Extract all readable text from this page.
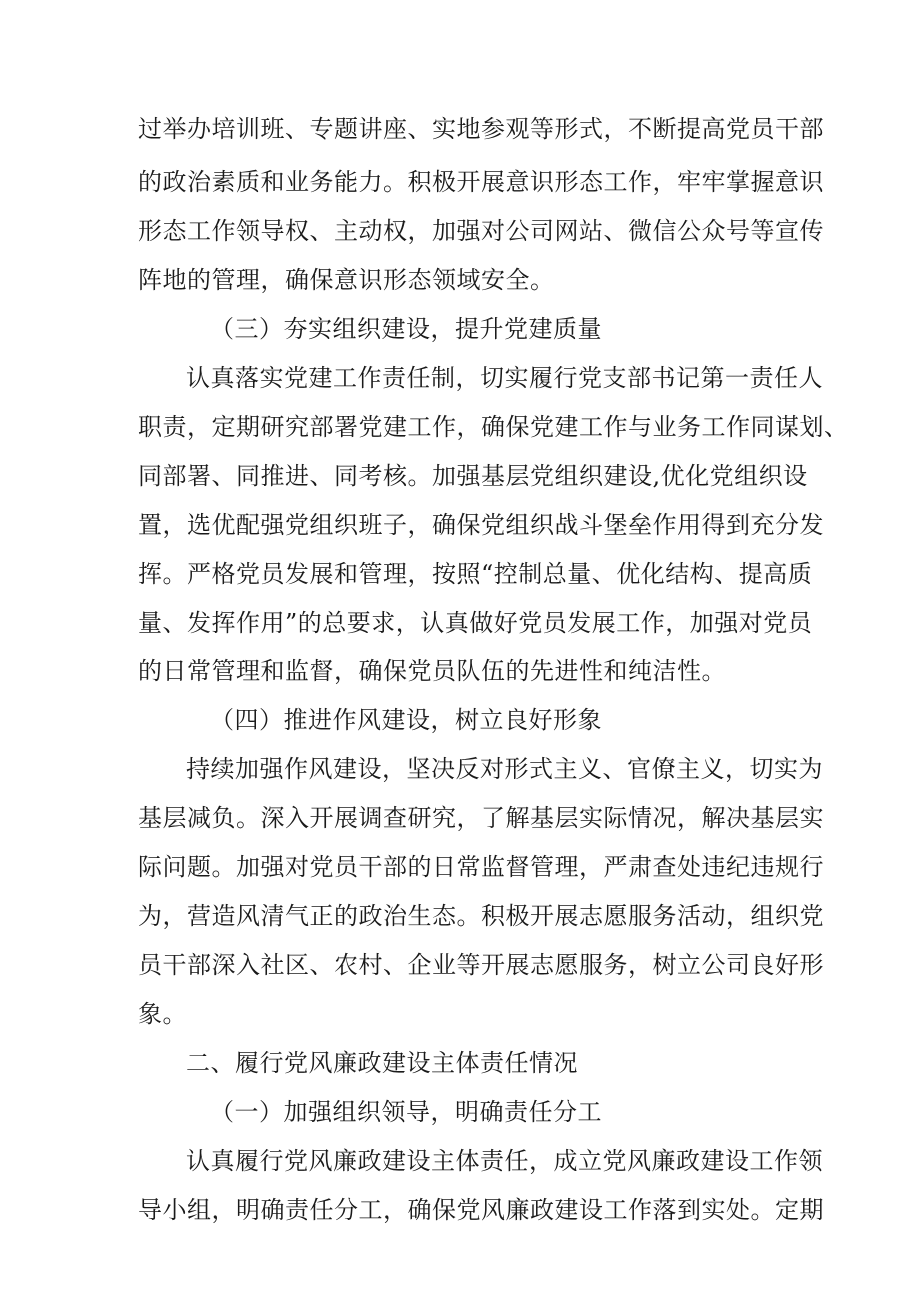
过举办培训班、专题讲座、实地参观等形式，不断提高党员干部
的政治素质和业务能力。积极开展意识形态工作，牢牢掌握意识
形态工作领导权、主动权，加强对公司网站、微信公众号等宣传
阵地的管理，确保意识形态领域安全。
（三）夯实组织建设，提升党建质量
认真落实党建工作责任制，切实履行党支部书记第一责任人
职责，定期研究部署党建工作，确保党建工作与业务工作同谋划、
同部署、同推进、同考核。加强基层党组织建设,优化党组织设
置，选优配强党组织班子，确保党组织战斗堡垒作用得到充分发
挥。严格党员发展和管理，按照“控制总量、优化结构、提高质
量、发挥作用”的总要求，认真做好党员发展工作，加强对党员
的日常管理和监督，确保党员队伍的先进性和纯洁性。
（四）推进作风建设，树立良好形象
持续加强作风建设，坚决反对形式主义、官僚主义，切实为
基层减负。深入开展调查研究，了解基层实际情况，解决基层实
际问题。加强对党员干部的日常监督管理，严肃查处违纪违规行
为，营造风清气正的政治生态。积极开展志愿服务活动，组织党
员干部深入社区、农村、企业等开展志愿服务，树立公司良好形
象。
二、履行党风廉政建设主体责任情况
（一）加强组织领导，明确责任分工
认真履行党风廉政建设主体责任，成立党风廉政建设工作领
导小组，明确责任分工，确保党风廉政建设工作落到实处。定期
